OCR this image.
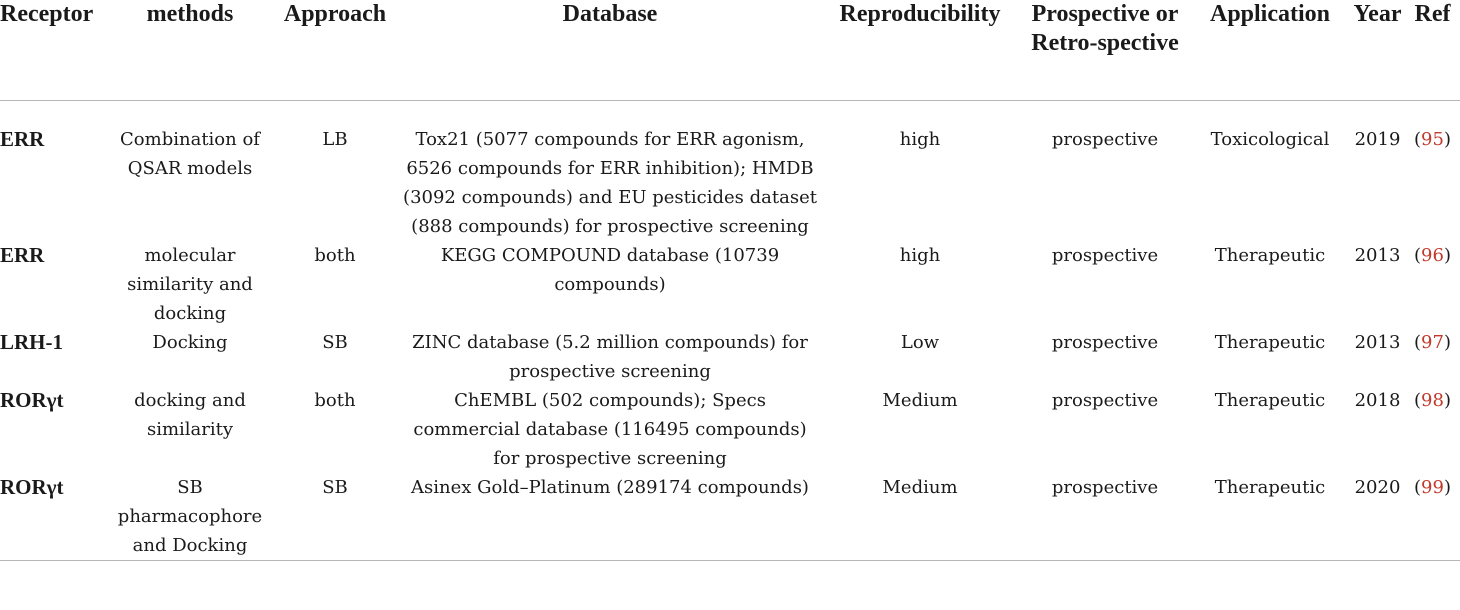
Receptor	methods	Approach	Database	Reproducibility	Prospective or Retro-spective	Application	Year	Ref
ERR	Combination of QSAR models	LB	Tox21 (5077 compounds for ERR agonism, 6526 compounds for ERR inhibition); HMDB (3092 compounds) and EU pesticides dataset (888 compounds) for prospective screening	high	prospective	Toxicological	2019	(95)
ERR	molecular similarity and docking	both	KEGG COMPOUND database (10739 compounds)	high	prospective	Therapeutic	2013	(96)
LRH-1	Docking	SB	ZINC database (5.2 million compounds) for prospective screening	Low	prospective	Therapeutic	2013	(97)
RORγt	docking and similarity	both	ChEMBL (502 compounds); Specs commercial database (116495 compounds) for prospective screening	Medium	prospective	Therapeutic	2018	(98)
RORγt	SB pharmacophore and Docking	SB	Asinex Gold–Platinum (289174 compounds)	Medium	prospective	Therapeutic	2020	(99)
